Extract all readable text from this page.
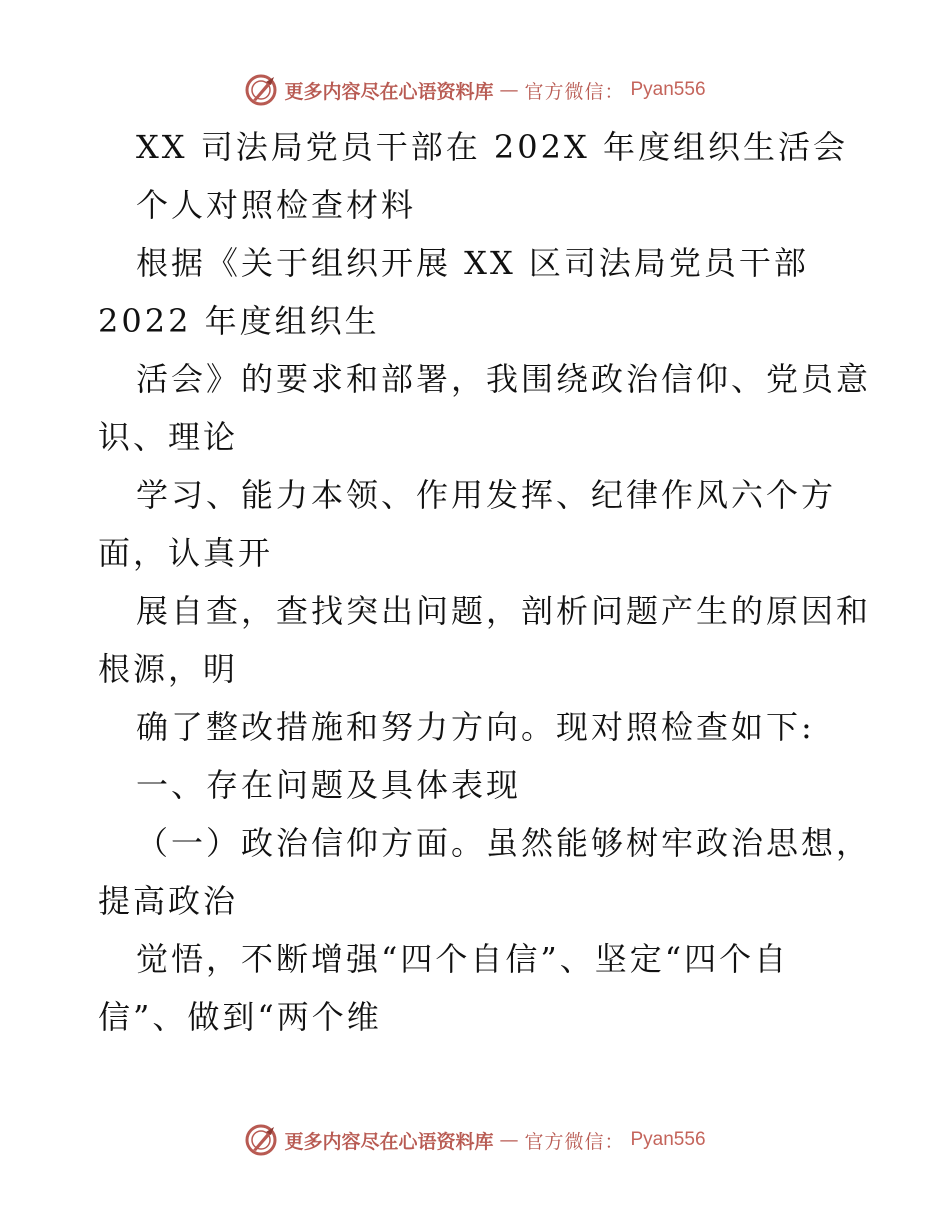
更多内容尽在心语资料库 — 官方微信： Pyan556
XX 司法局党员干部在 202X 年度组织生活会
个人对照检查材料
根据《关于组织开展 XX 区司法局党员干部
2022 年度组织生
活会》的要求和部署，我围绕政治信仰、党员意
识、理论
学习、能力本领、作用发挥、纪律作风六个方
面，认真开
展自查，查找突出问题，剖析问题产生的原因和
根源，明
确了整改措施和努力方向。现对照检查如下:
一、存在问题及具体表现
（一）政治信仰方面。虽然能够树牢政治思想，
提高政治
觉悟，不断增强“四个自信”、坚定“四个自
信”、做到“两个维
更多内容尽在心语资料库 — 官方微信： Pyan556
